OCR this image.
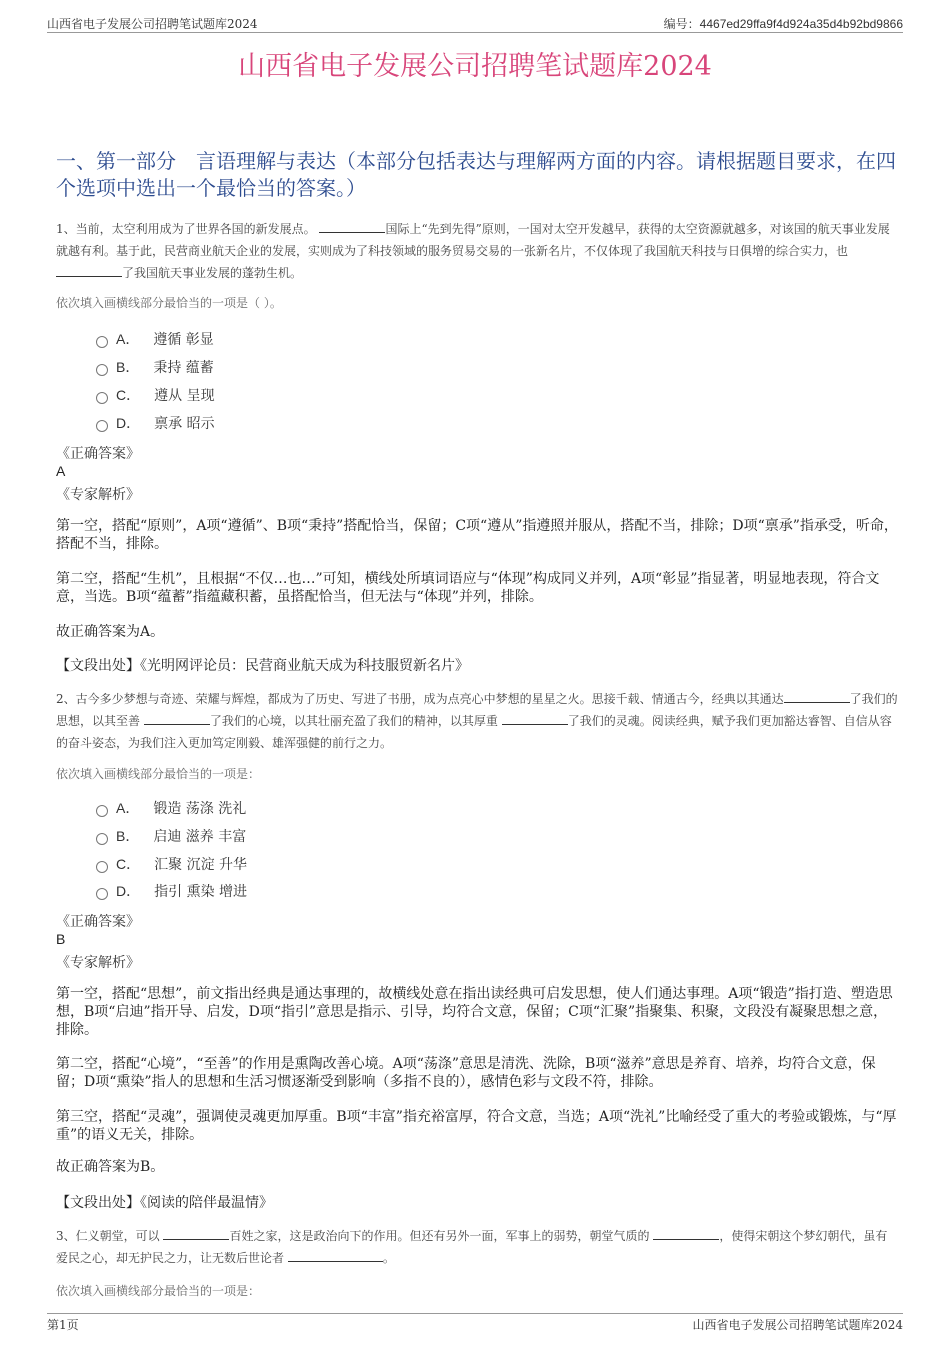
山西省电子发展公司招聘笔试题库2024	编号：4467ed29ffa9f4d924a35d4b92bd9866
山西省电子发展公司招聘笔试题库2024
一、第一部分　言语理解与表达（本部分包括表达与理解两方面的内容。请根据题目要求，在四个选项中选出一个最恰当的答案。）
1、当前，太空利用成为了世界各国的新发展点。	国际上“先到先得”原则，一国对太空开发越早，获得的太空资源就越多，对该国的航天事业发展就越有利。基于此，民营商业航天企业的发展，实则成为了科技领域的服务贸易交易的一张新名片，不仅体现了我国航天科技与日俱增的综合实力，也 了我国航天事业发展的蓬勃生机。
依次填入画横线部分最恰当的一项是（ ）。
A． 遵循 彰显
B． 秉持 蕴蓄
C． 遵从 呈现
D． 禀承 昭示
《正确答案》
A
《专家解析》
第一空，搭配“原则”，A项“遵循”、B项“秉持”搭配恰当，保留；C项“遵从”指遵照并服从，搭配不当，排除；D项“禀承”指承受，听命，搭配不当，排除。
第二空，搭配“生机”，且根据“不仅…也…”可知，横线处所填词语应与“体现”构成同义并列，A项“彰显”指显著，明显地表现，符合文意，当选。B项“蕴蓄”指蕴藏积蓄，虽搭配恰当，但无法与“体现”并列，排除。
故正确答案为A。
【文段出处】《光明网评论员：民营商业航天成为科技服贸新名片》
2、古今多少梦想与奇迹、荣耀与辉煌，都成为了历史、写进了书册，成为点亮心中梦想的星星之火。思接千载、情通古今，经典以其通达	了我们的思想，以其至善	了我们的心境，以其壮丽充盈了我们的精神，以其厚重	了我们的灵魂。阅读经典，赋予我们更加豁达睿智、自信从容的奋斗姿态，为我们注入更加笃定刚毅、雄浑强健的前行之力。
依次填入画横线部分最恰当的一项是：
A． 锻造 荡涤 洗礼
B． 启迪 滋养 丰富
C． 汇聚 沉淀 升华
D． 指引 熏染 增进
《正确答案》
B
《专家解析》
第一空，搭配“思想”，前文指出经典是通达事理的，故横线处意在指出读经典可启发思想，使人们通达事理。A项“锻造”指打造、塑造思想，B项“启迪”指开导、启发，D项“指引”意思是指示、引导，均符合文意，保留；C项“汇聚”指聚集、积聚，文段没有凝聚思想之意，排除。
第二空，搭配“心境”，“至善”的作用是熏陶改善心境。A项“荡涤”意思是清洗、洗除，B项“滋养”意思是养育、培养，均符合文意，保留；D项“熏染”指人的思想和生活习惯逐渐受到影响（多指不良的），感情色彩与文段不符，排除。
第三空，搭配“灵魂”，强调使灵魂更加厚重。B项“丰富”指充裕富厚，符合文意，当选；A项“洗礼”比喻经受了重大的考验或锻炼，与“厚重”的语义无关，排除。
故正确答案为B。
【文段出处】《阅读的陪伴最温情》
3、仁义朝堂，可以	百姓之家，这是政治向下的作用。但还有另外一面，军事上的弱势，朝堂气质的	，使得宋朝这个梦幻朝代，虽有爱民之心，却无护民之力，让无数后世论者	。
依次填入画横线部分最恰当的一项是：
第1页	山西省电子发展公司招聘笔试题库2024
